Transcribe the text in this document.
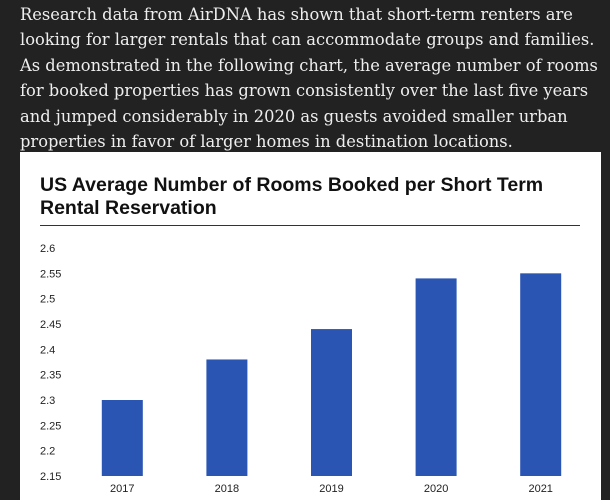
Research data from AirDNA has shown that short-term renters are looking for larger rentals that can accommodate groups and families. As demonstrated in the following chart, the average number of rooms for booked properties has grown consistently over the last five years and jumped considerably in 2020 as guests avoided smaller urban properties in favor of larger homes in destination locations.

US Average Number of Rooms Booked per Short Term Rental Reservation
2.15
2.2
2.25
2.3
2.35
2.4
2.45
2.5
2.55
2.6
2017	2018	2019	2020	2021
